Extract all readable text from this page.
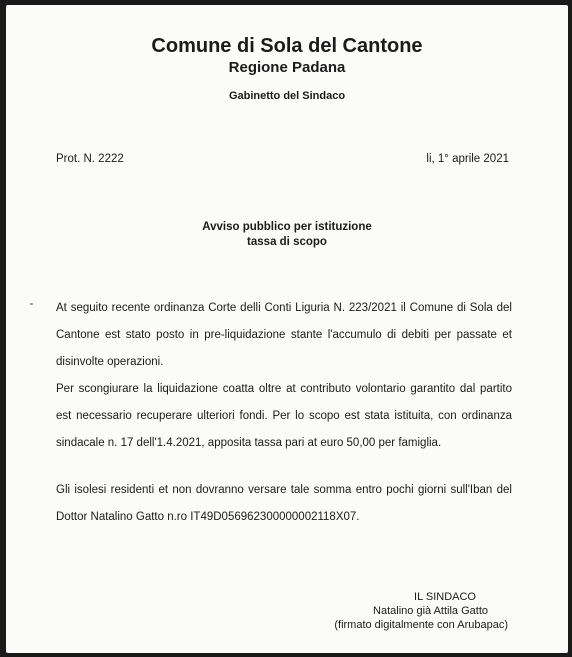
Comune di Sola del Cantone
Regione Padana
Gabinetto del Sindaco
Prot. N. 2222	li, 1° aprile 2021
Avviso pubblico per istituzione
tassa di scopo

At seguito recente ordinanza Corte delli Conti Liguria N. 223/2021 il Comune di Sola del Cantone est stato posto in pre-liquidazione stante l'accumulo di debiti per passate et disinvolte operazioni.

Per scongiurare la liquidazione coatta oltre at contributo volontario garantito dal partito est necessario recuperare ulteriori fondi. Per lo scopo est stata istituita, con ordinanza sindacale n. 17 dell'1.4.2021, apposita tassa pari at euro 50,00 per famiglia.

Gli isolesi residenti et non dovranno versare tale somma entro pochi giorni sull'Iban del Dottor Natalino Gatto n.ro IT49D056962300000002118X07.

IL SINDACO
Natalino già Attila Gatto
(firmato digitalmente con Arubapac)
